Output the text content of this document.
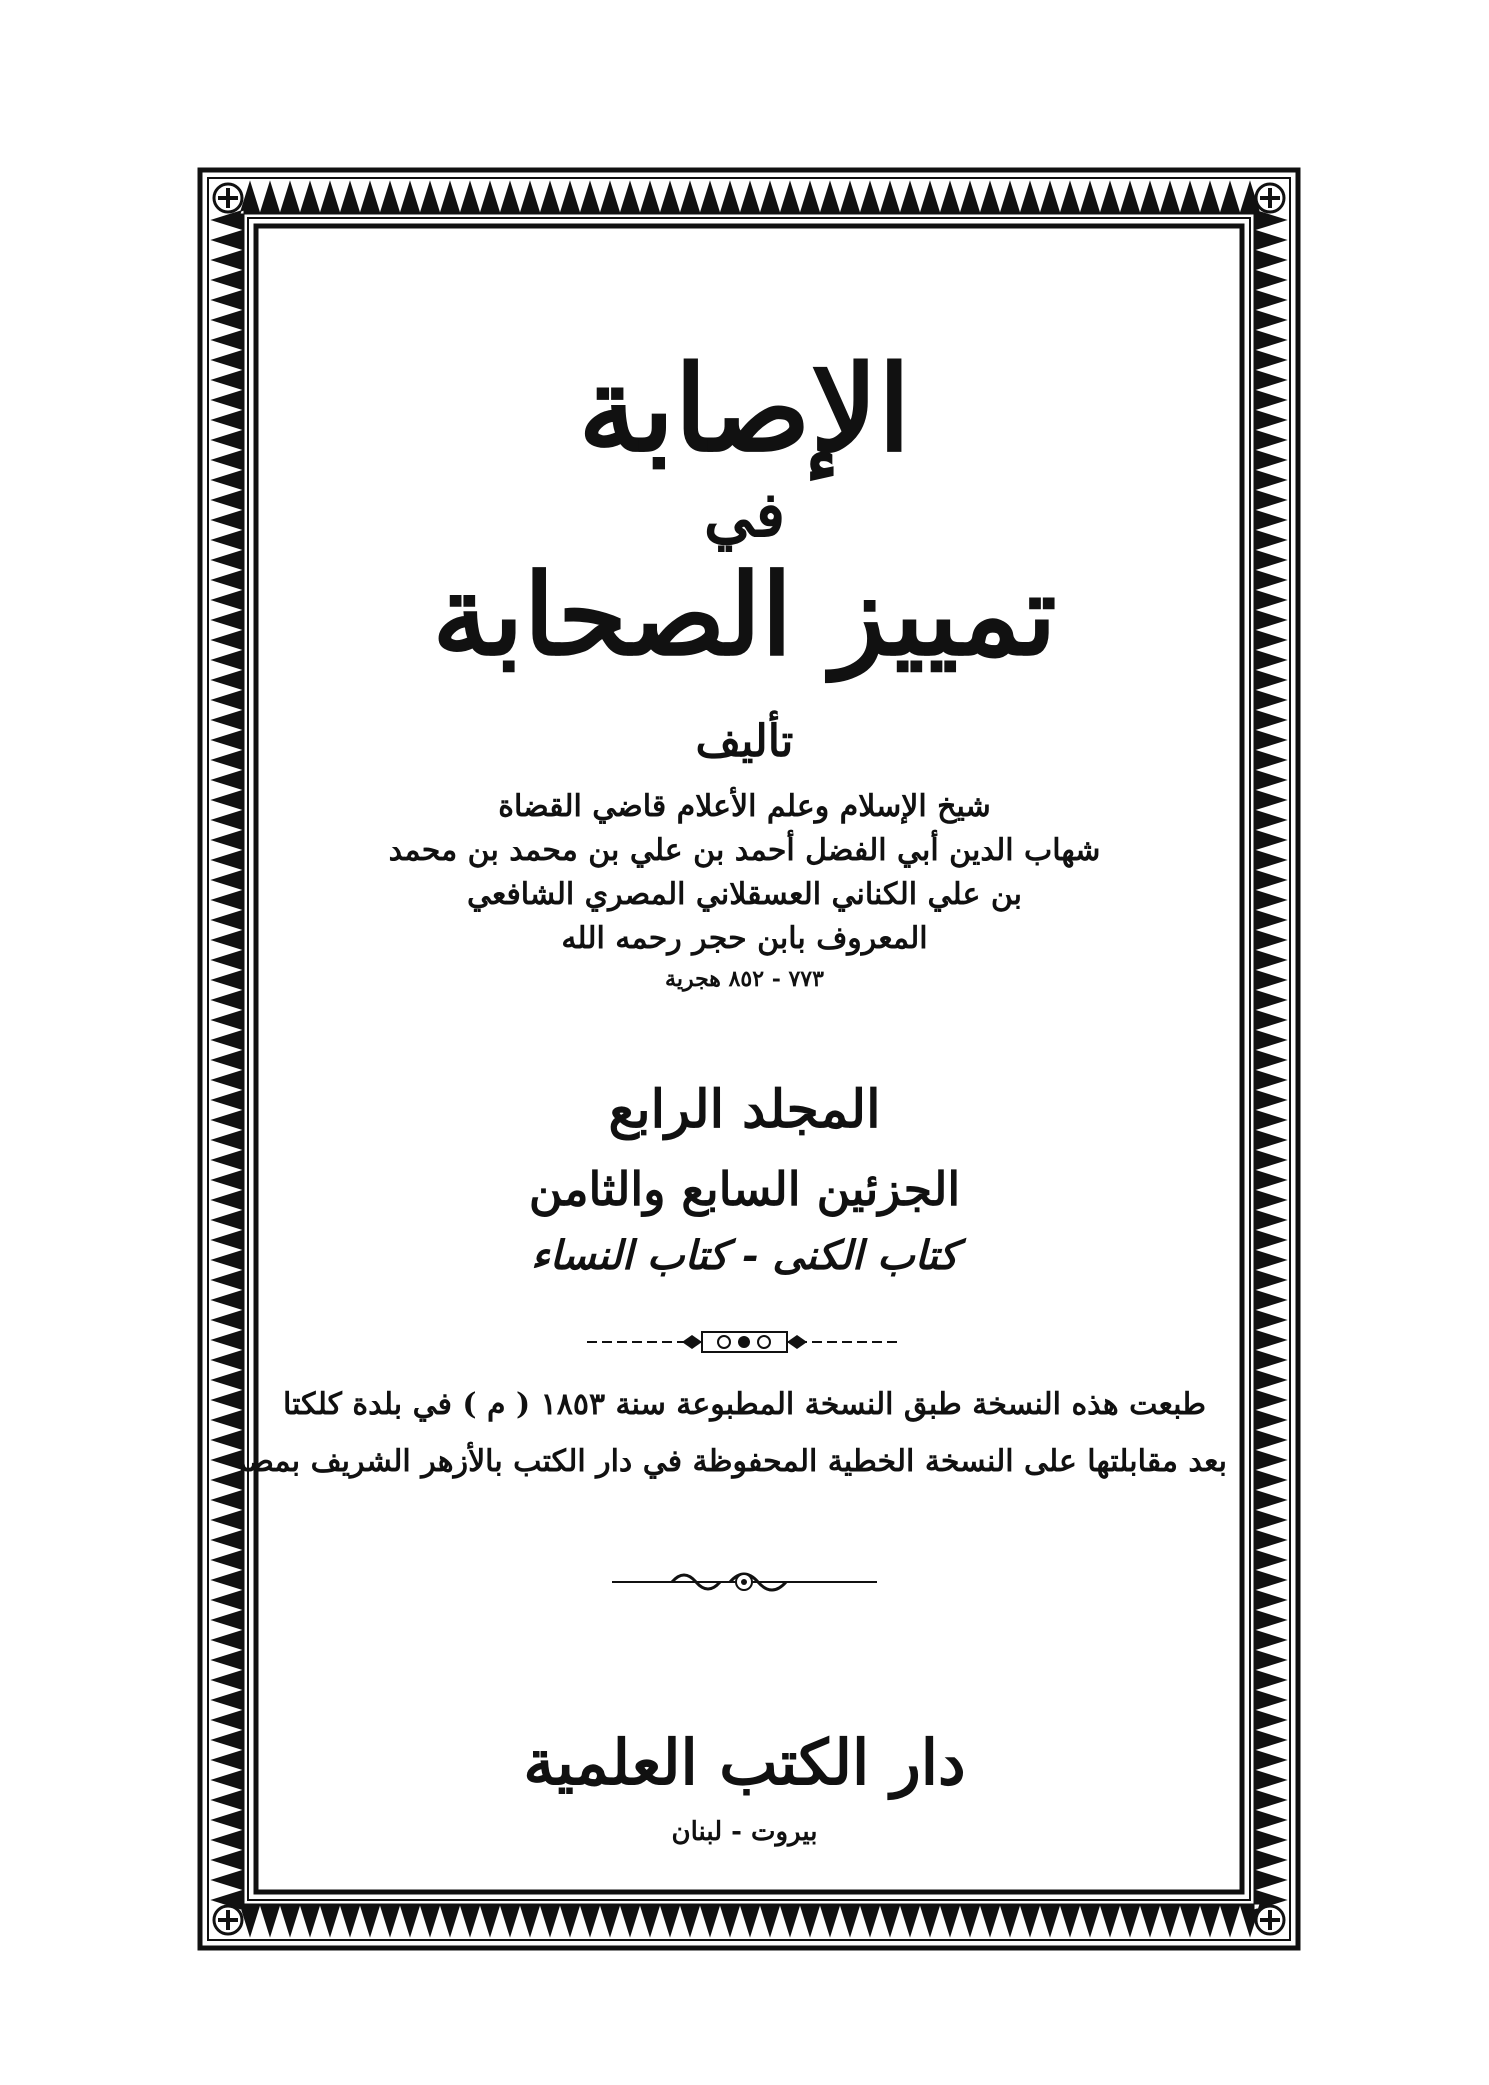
الإصابة
في
تمييز الصحابة
تأليف
شيخ الإسلام وعلم الأعلام قاضي القضاة
شهاب الدين أبي الفضل أحمد بن علي بن محمد بن محمد
بن علي الكناني العسقلاني المصري الشافعي
المعروف بابن حجر رحمه الله
٧٧٣ - ٨٥٢ هجرية
المجلد الرابع
الجزئين السابع والثامن
كتاب الكنى - كتاب النساء
طبعت هذه النسخة طبق النسخة المطبوعة سنة ١٨٥٣ ( م ) في بلدة كلكتا
بعد مقابلتها على النسخة الخطية المحفوظة في دار الكتب بالأزهر الشريف بمصر
دار الكتب العلمية
بيروت - لبنان
